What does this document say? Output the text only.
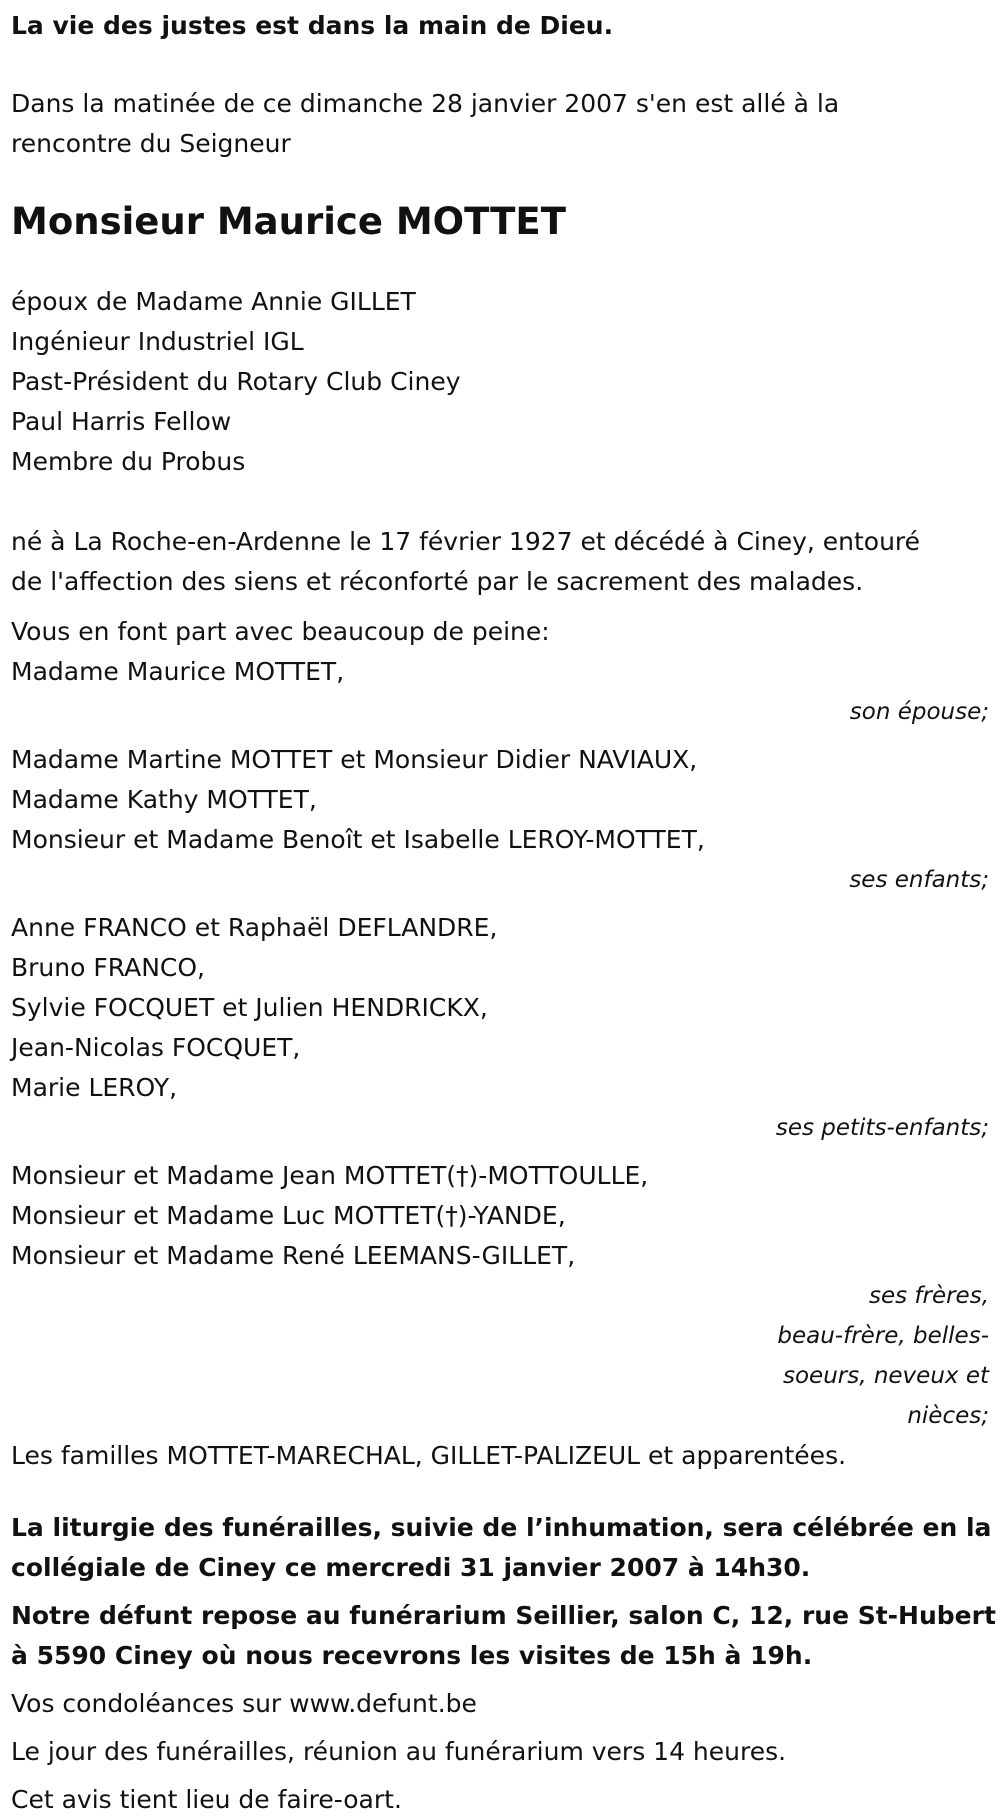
La vie des justes est dans la main de Dieu.

Dans la matinée de ce dimanche 28 janvier 2007 s'en est allé à la
rencontre du Seigneur

Monsieur Maurice MOTTET

époux de Madame Annie GILLET
Ingénieur Industriel IGL
Past-Président du Rotary Club Ciney
Paul Harris Fellow
Membre du Probus
né à La Roche-en-Ardenne le 17 février 1927 et décédé à Ciney, entouré
de l'affection des siens et réconforté par le sacrement des malades.
Vous en font part avec beaucoup de peine:
Madame Maurice MOTTET,
son épouse;
Madame Martine MOTTET et Monsieur Didier NAVIAUX,
Madame Kathy MOTTET,
Monsieur et Madame Benoît et Isabelle LEROY-MOTTET,
ses enfants;
Anne FRANCO et Raphaël DEFLANDRE,
Bruno FRANCO,
Sylvie FOCQUET et Julien HENDRICKX,
Jean-Nicolas FOCQUET,
Marie LEROY,
ses petits-enfants;
Monsieur et Madame Jean MOTTET(†)-MOTTOULLE,
Monsieur et Madame Luc MOTTET(†)-YANDE,
Monsieur et Madame René LEEMANS-GILLET,
ses frères,
beau-frère, belles-
soeurs, neveux et
nièces;
Les familles MOTTET-MARECHAL, GILLET-PALIZEUL et apparentées.
La liturgie des funérailles, suivie de l’inhumation, sera célébrée en la
collégiale de Ciney ce mercredi 31 janvier 2007 à 14h30.
Notre défunt repose au funérarium Seillier, salon C, 12, rue St-Hubert
à 5590 Ciney où nous recevrons les visites de 15h à 19h.
Vos condoléances sur www.defunt.be
Le jour des funérailles, réunion au funérarium vers 14 heures.
Cet avis tient lieu de faire-oart.
